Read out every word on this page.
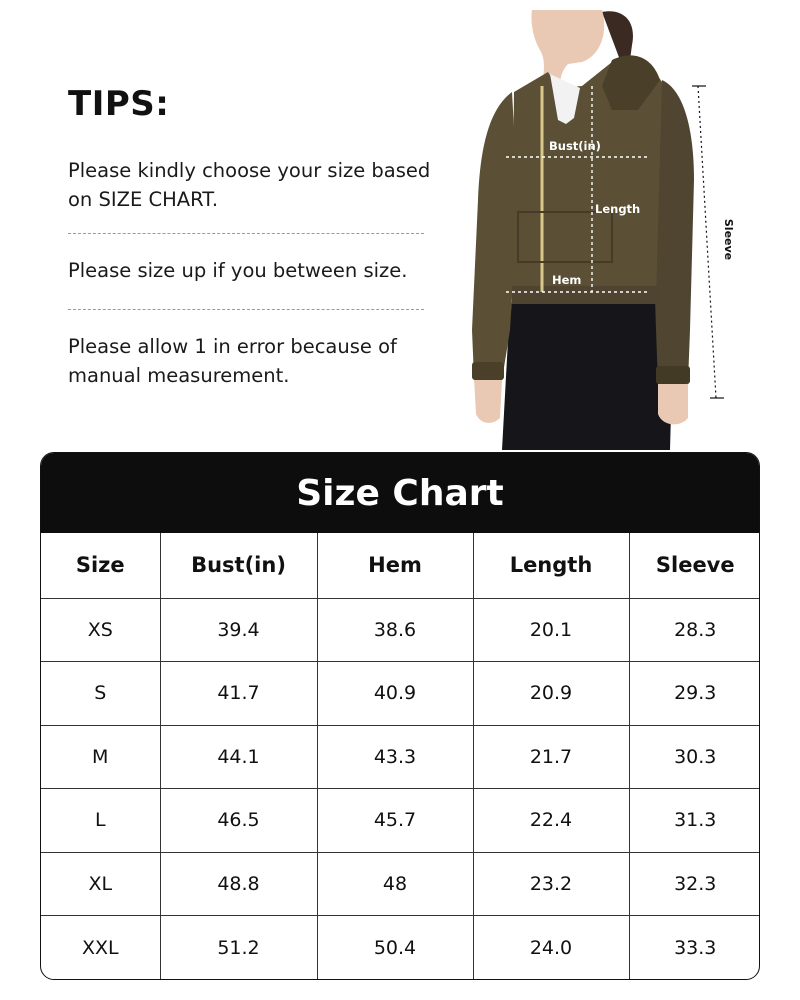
TIPS:

Please kindly choose your size based on SIZE CHART.

Please size up if you between size.

Please allow 1 in error because of manual measurement.

Bust(in)
Length
Hem
Sleeve
Size Chart
Size	Bust(in)	Hem	Length	Sleeve
XS	39.4	38.6	20.1	28.3
S	41.7	40.9	20.9	29.3
M	44.1	43.3	21.7	30.3
L	46.5	45.7	22.4	31.3
XL	48.8	48	23.2	32.3
XXL	51.2	50.4	24.0	33.3
